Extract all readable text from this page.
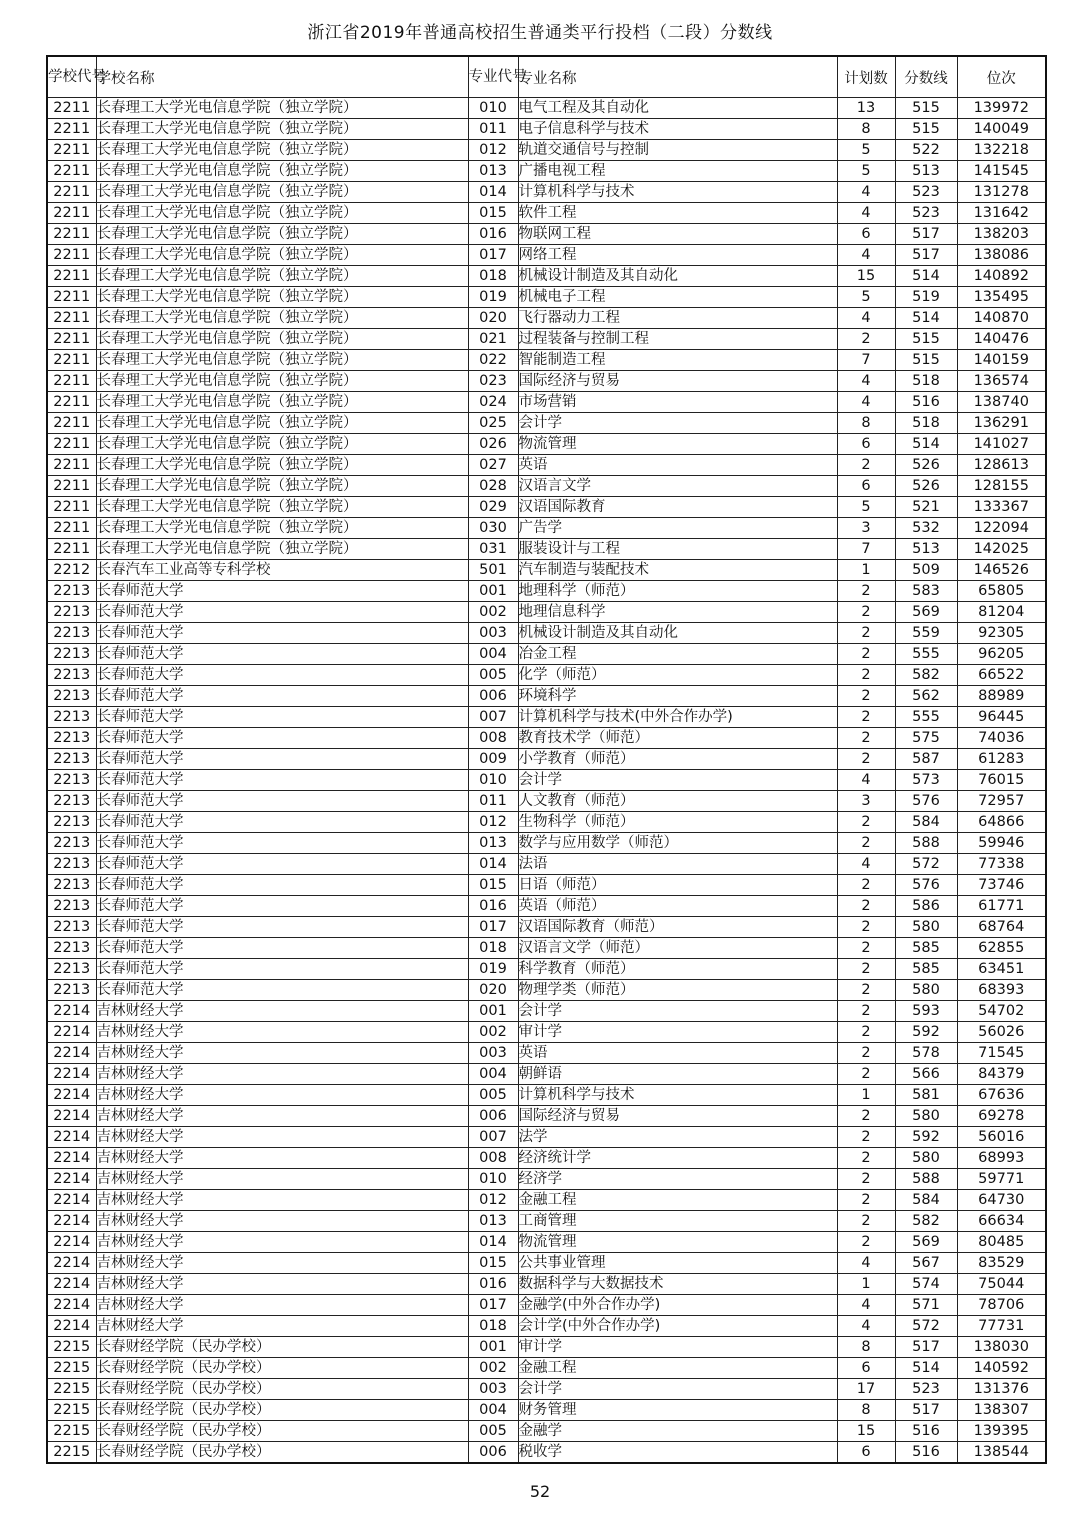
浙江省2019年普通高校招生普通类平行投档（二段）分数线
学校代号	学校名称	专业代号	专业名称	计划数	分数线	位次
2211	长春理工大学光电信息学院（独立学院）	010	电气工程及其自动化	13	515	139972
2211	长春理工大学光电信息学院（独立学院）	011	电子信息科学与技术	8	515	140049
2211	长春理工大学光电信息学院（独立学院）	012	轨道交通信号与控制	5	522	132218
2211	长春理工大学光电信息学院（独立学院）	013	广播电视工程	5	513	141545
2211	长春理工大学光电信息学院（独立学院）	014	计算机科学与技术	4	523	131278
2211	长春理工大学光电信息学院（独立学院）	015	软件工程	4	523	131642
2211	长春理工大学光电信息学院（独立学院）	016	物联网工程	6	517	138203
2211	长春理工大学光电信息学院（独立学院）	017	网络工程	4	517	138086
2211	长春理工大学光电信息学院（独立学院）	018	机械设计制造及其自动化	15	514	140892
2211	长春理工大学光电信息学院（独立学院）	019	机械电子工程	5	519	135495
2211	长春理工大学光电信息学院（独立学院）	020	飞行器动力工程	4	514	140870
2211	长春理工大学光电信息学院（独立学院）	021	过程装备与控制工程	2	515	140476
2211	长春理工大学光电信息学院（独立学院）	022	智能制造工程	7	515	140159
2211	长春理工大学光电信息学院（独立学院）	023	国际经济与贸易	4	518	136574
2211	长春理工大学光电信息学院（独立学院）	024	市场营销	4	516	138740
2211	长春理工大学光电信息学院（独立学院）	025	会计学	8	518	136291
2211	长春理工大学光电信息学院（独立学院）	026	物流管理	6	514	141027
2211	长春理工大学光电信息学院（独立学院）	027	英语	2	526	128613
2211	长春理工大学光电信息学院（独立学院）	028	汉语言文学	6	526	128155
2211	长春理工大学光电信息学院（独立学院）	029	汉语国际教育	5	521	133367
2211	长春理工大学光电信息学院（独立学院）	030	广告学	3	532	122094
2211	长春理工大学光电信息学院（独立学院）	031	服装设计与工程	7	513	142025
2212	长春汽车工业高等专科学校	501	汽车制造与装配技术	1	509	146526
2213	长春师范大学	001	地理科学（师范）	2	583	65805
2213	长春师范大学	002	地理信息科学	2	569	81204
2213	长春师范大学	003	机械设计制造及其自动化	2	559	92305
2213	长春师范大学	004	冶金工程	2	555	96205
2213	长春师范大学	005	化学（师范）	2	582	66522
2213	长春师范大学	006	环境科学	2	562	88989
2213	长春师范大学	007	计算机科学与技术(中外合作办学)	2	555	96445
2213	长春师范大学	008	教育技术学（师范）	2	575	74036
2213	长春师范大学	009	小学教育（师范）	2	587	61283
2213	长春师范大学	010	会计学	4	573	76015
2213	长春师范大学	011	人文教育（师范）	3	576	72957
2213	长春师范大学	012	生物科学（师范）	2	584	64866
2213	长春师范大学	013	数学与应用数学（师范）	2	588	59946
2213	长春师范大学	014	法语	4	572	77338
2213	长春师范大学	015	日语（师范）	2	576	73746
2213	长春师范大学	016	英语（师范）	2	586	61771
2213	长春师范大学	017	汉语国际教育（师范）	2	580	68764
2213	长春师范大学	018	汉语言文学（师范）	2	585	62855
2213	长春师范大学	019	科学教育（师范）	2	585	63451
2213	长春师范大学	020	物理学类（师范）	2	580	68393
2214	吉林财经大学	001	会计学	2	593	54702
2214	吉林财经大学	002	审计学	2	592	56026
2214	吉林财经大学	003	英语	2	578	71545
2214	吉林财经大学	004	朝鲜语	2	566	84379
2214	吉林财经大学	005	计算机科学与技术	1	581	67636
2214	吉林财经大学	006	国际经济与贸易	2	580	69278
2214	吉林财经大学	007	法学	2	592	56016
2214	吉林财经大学	008	经济统计学	2	580	68993
2214	吉林财经大学	010	经济学	2	588	59771
2214	吉林财经大学	012	金融工程	2	584	64730
2214	吉林财经大学	013	工商管理	2	582	66634
2214	吉林财经大学	014	物流管理	2	569	80485
2214	吉林财经大学	015	公共事业管理	4	567	83529
2214	吉林财经大学	016	数据科学与大数据技术	1	574	75044
2214	吉林财经大学	017	金融学(中外合作办学)	4	571	78706
2214	吉林财经大学	018	会计学(中外合作办学)	4	572	77731
2215	长春财经学院（民办学校）	001	审计学	8	517	138030
2215	长春财经学院（民办学校）	002	金融工程	6	514	140592
2215	长春财经学院（民办学校）	003	会计学	17	523	131376
2215	长春财经学院（民办学校）	004	财务管理	8	517	138307
2215	长春财经学院（民办学校）	005	金融学	15	516	139395
2215	长春财经学院（民办学校）	006	税收学	6	516	138544
52
